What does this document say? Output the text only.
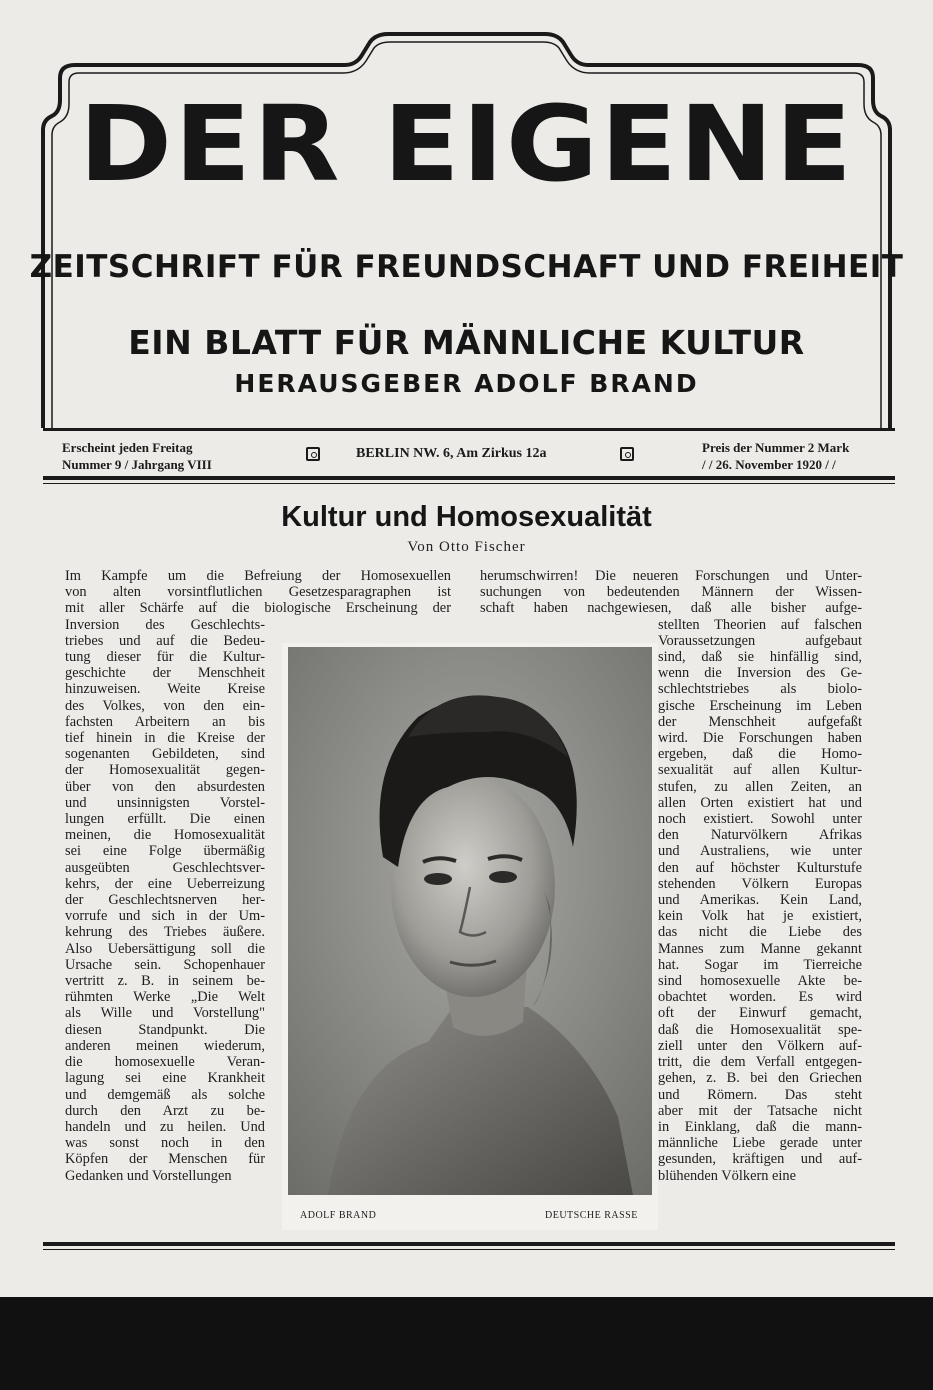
DER EIGENE
ZEITSCHRIFT FÜR FREUNDSCHAFT UND FREIHEIT
EIN BLATT FÜR MÄNNLICHE KULTUR
HERAUSGEBER ADOLF BRAND
Erscheint jeden Freitag
Nummer 9 / Jahrgang VIII
BERLIN NW. 6, Am Zirkus 12a	Preis der Nummer 2 Mark
/ / 26. November 1920 / /
Kultur und Homosexualität
Von Otto Fischer
Im Kampfe um die Befreiung der Homosexuellen
von alten vorsintflutlichen Gesetzesparagraphen ist
mit aller Schärfe auf die biologische Erscheinung der
Inversion des Geschlechts-
triebes und auf die Bedeu-
tung dieser für die Kultur-
geschichte der Menschheit
hinzuweisen. Weite Kreise
des Volkes, von den ein-
fachsten Arbeitern an bis
tief hinein in die Kreise der
sogenanten Gebildeten, sind
der Homosexualität gegen-
über von den absurdesten
und unsinnigsten Vorstel-
lungen erfüllt. Die einen
meinen, die Homosexualität
sei eine Folge übermäßig
ausgeübten Geschlechtsver-
kehrs, der eine Ueberreizung
der Geschlechtsnerven her-
vorrufe und sich in der Um-
kehrung des Triebes äußere.
Also Uebersättigung soll die
Ursache sein. Schopenhauer
vertritt z. B. in seinem be-
rühmten Werke „Die Welt
als Wille und Vorstellung"
diesen Standpunkt. Die
anderen meinen wiederum,
die homosexuelle Veran-
lagung sei eine Krankheit
und demgemäß als solche
durch den Arzt zu be-
handeln und zu heilen. Und
was sonst noch in den
Köpfen der Menschen für
Gedanken und Vorstellungen
herumschwirren! Die neueren Forschungen und Unter-
suchungen von bedeutenden Männern der Wissen-
schaft haben nachgewiesen, daß alle bisher aufge-
stellten Theorien auf falschen
Voraussetzungen aufgebaut
sind, daß sie hinfällig sind,
wenn die Inversion des Ge-
schlechtstriebes als biolo-
gische Erscheinung im Leben
der Menschheit aufgefaßt
wird. Die Forschungen haben
ergeben, daß die Homo-
sexualität auf allen Kultur-
stufen, zu allen Zeiten, an
allen Orten existiert hat und
noch existiert. Sowohl unter
den Naturvölkern Afrikas
und Australiens, wie unter
den auf höchster Kulturstufe
stehenden Völkern Europas
und Amerikas. Kein Land,
kein Volk hat je existiert,
das nicht die Liebe des
Mannes zum Manne gekannt
hat. Sogar im Tierreiche
sind homosexuelle Akte be-
obachtet worden. Es wird
oft der Einwurf gemacht,
daß die Homosexualität spe-
ziell unter den Völkern auf-
tritt, die dem Verfall entgegen-
gehen, z. B. bei den Griechen
und Römern. Das steht
aber mit der Tatsache nicht
in Einklang, daß die mann-
männliche Liebe gerade unter
gesunden, kräftigen und auf-
blühenden Völkern eine
ADOLF BRAND	DEUTSCHE RASSE
